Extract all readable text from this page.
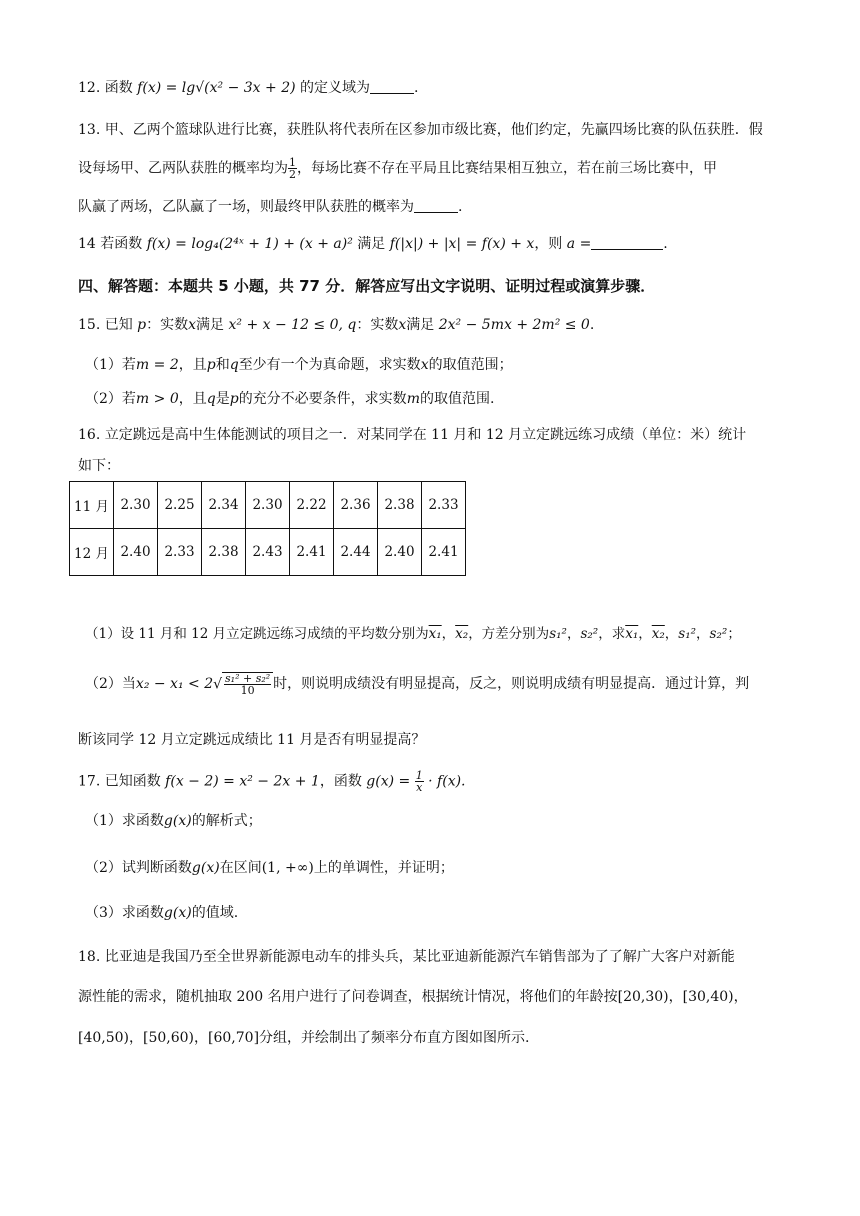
12. 函数 f(x) = lg√(x² − 3x + 2) 的定义域为	.
13. 甲、乙两个篮球队进行比赛，获胜队将代表所在区参加市级比赛，他们约定，先赢四场比赛的队伍获胜．假
设每场甲、乙两队获胜的概率均为 $\frac{1}{2}$ ，每场比赛不存在平局且比赛结果相互独立，若在前三场比赛中，甲
队赢了两场，乙队赢了一场，则最终甲队获胜的概率为	.
14 若函数 f(x) = log₄(2⁴ˣ + 1) + (x + a)² 满足 f(|x|) + |x| = f(x) + x，则 a =	.
四、解答题：本题共 5 小题，共 77 分．解答应写出文字说明、证明过程或演算步骤．
15. 已知 p：实数x满足 x² + x − 12 ≤ 0, q：实数x满足 2x² − 5mx + 2m² ≤ 0.
（1）若m = 2，且p和q至少有一个为真命题，求实数x的取值范围；
（2）若m > 0，且q是p的充分不必要条件，求实数m的取值范围.
16. 立定跳远是高中生体能测试的项目之一．对某同学在 11 月和 12 月立定跳远练习成绩（单位：米）统计
如下：
11 月	2.30	2.25	2.34	2.30	2.22	2.36	2.38	2.33
12 月	2.40	2.33	2.38	2.43	2.41	2.44	2.40	2.41
（1）设 11 月和 12 月立定跳远练习成绩的平均数分别为x₁，x₂，方差分别为s₁²，s₂²，求x₁，x₂，s₁²，s₂²；
（2）当$x_2 - x_1 < 2√ \frac{\text{s₁² + s₂²}}{10}$ 时，则说明成绩没有明显提高，反之，则说明成绩有明显提高．通过计算，判
断该同学 12 月立定跳远成绩比 11 月是否有明显提高？
17. 已知函数 f(x − 2) = x² − 2x + 1，函数 $g(x) = \frac{1}{x} \cdot f(x)$.
（1）求函数g(x)的解析式；
（2）试判断函数g(x)在区间(1, +∞)上的单调性，并证明；
（3）求函数g(x)的值域.
18. 比亚迪是我国乃至全世界新能源电动车的排头兵，某比亚迪新能源汽车销售部为了了解广大客户对新能
源性能的需求，随机抽取 200 名用户进行了问卷调查，根据统计情况，将他们的年龄按[20,30)，[30,40)，
[40,50)，[50,60)，[60,70]分组，并绘制出了频率分布直方图如图所示.
